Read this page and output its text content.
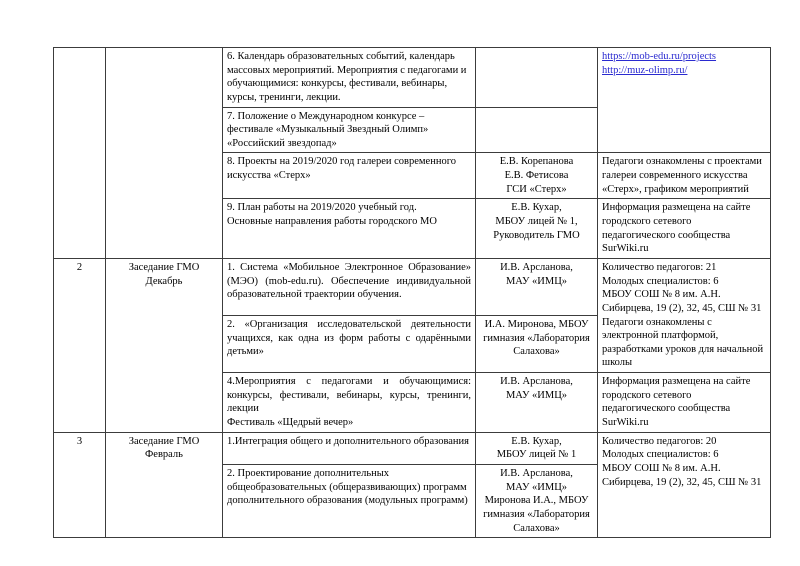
		6. Календарь образовательных событий, календарь массовых мероприятий. Мероприятия с педагогами и обучающимися: конкурсы, фестивали, вебинары, курсы, тренинги, лекции.		https://mob-edu.ru/projects
http://muz-olimp.ru/

		7. Положение о Международном конкурсе – фестивале «Музыкальный Звездный Олимп» «Российский звездопад»		
		8. Проекты на 2019/2020 год галереи современного искусства «Стерх»	Е.В. Корепанова
Е.В. Фетисова
ГСИ «Стерх»	Педагоги ознакомлены с проектами галереи современного искусства «Стерх», графиком мероприятий

		9. План работы на 2019/2020 учебный год.
Основные направления работы городского МО	Е.В. Кухар,
МБОУ лицей № 1,
Руководитель ГМО	Информация размещена на сайте городского сетевого педагогического сообщества SurWiki.ru
2	Заседание ГМО
Декабрь	1. Система «Мобильное Электронное Образование» (МЭО) (mob-edu.ru). Обеспечение индивидуальной образовательной траектории обучения.	И.В. Арсланова,
МАУ «ИМЦ»	Количество педагогов: 21
Молодых специалистов: 6
МБОУ СОШ № 8 им. А.Н. Сибирцева, 19 (2), 32, 45, СШ № 31
Педагоги ознакомлены с электронной платформой, разработками уроков для начальной школы

		2. «Организация исследовательской деятельности учащихся, как одна из форм работы с одарёнными детьми»	И.А. Миронова, МБОУ гимназия «Лаборатория Салахова»	

		4.Мероприятия с педагогами и обучающимися: конкурсы, фестивали, вебинары, курсы, тренинги, лекции
Фестиваль «Щедрый вечер»	И.В. Арсланова,
МАУ «ИМЦ»	Информация размещена на сайте городского сетевого педагогического сообщества SurWiki.ru
3	Заседание ГМО
Февраль	1.Интеграция общего и дополнительного образования	Е.В. Кухар,
МБОУ лицей № 1	Количество педагогов: 20
Молодых специалистов: 6
МБОУ СОШ № 8 им. А.Н. Сибирцева, 19 (2), 32, 45, СШ № 31

		2. Проектирование дополнительных общеобразовательных (общеразвивающих) программ дополнительного образования (модульных программ)	И.В. Арсланова,
МАУ «ИМЦ»
Миронова И.А., МБОУ гимназия «Лаборатория Салахова»	
